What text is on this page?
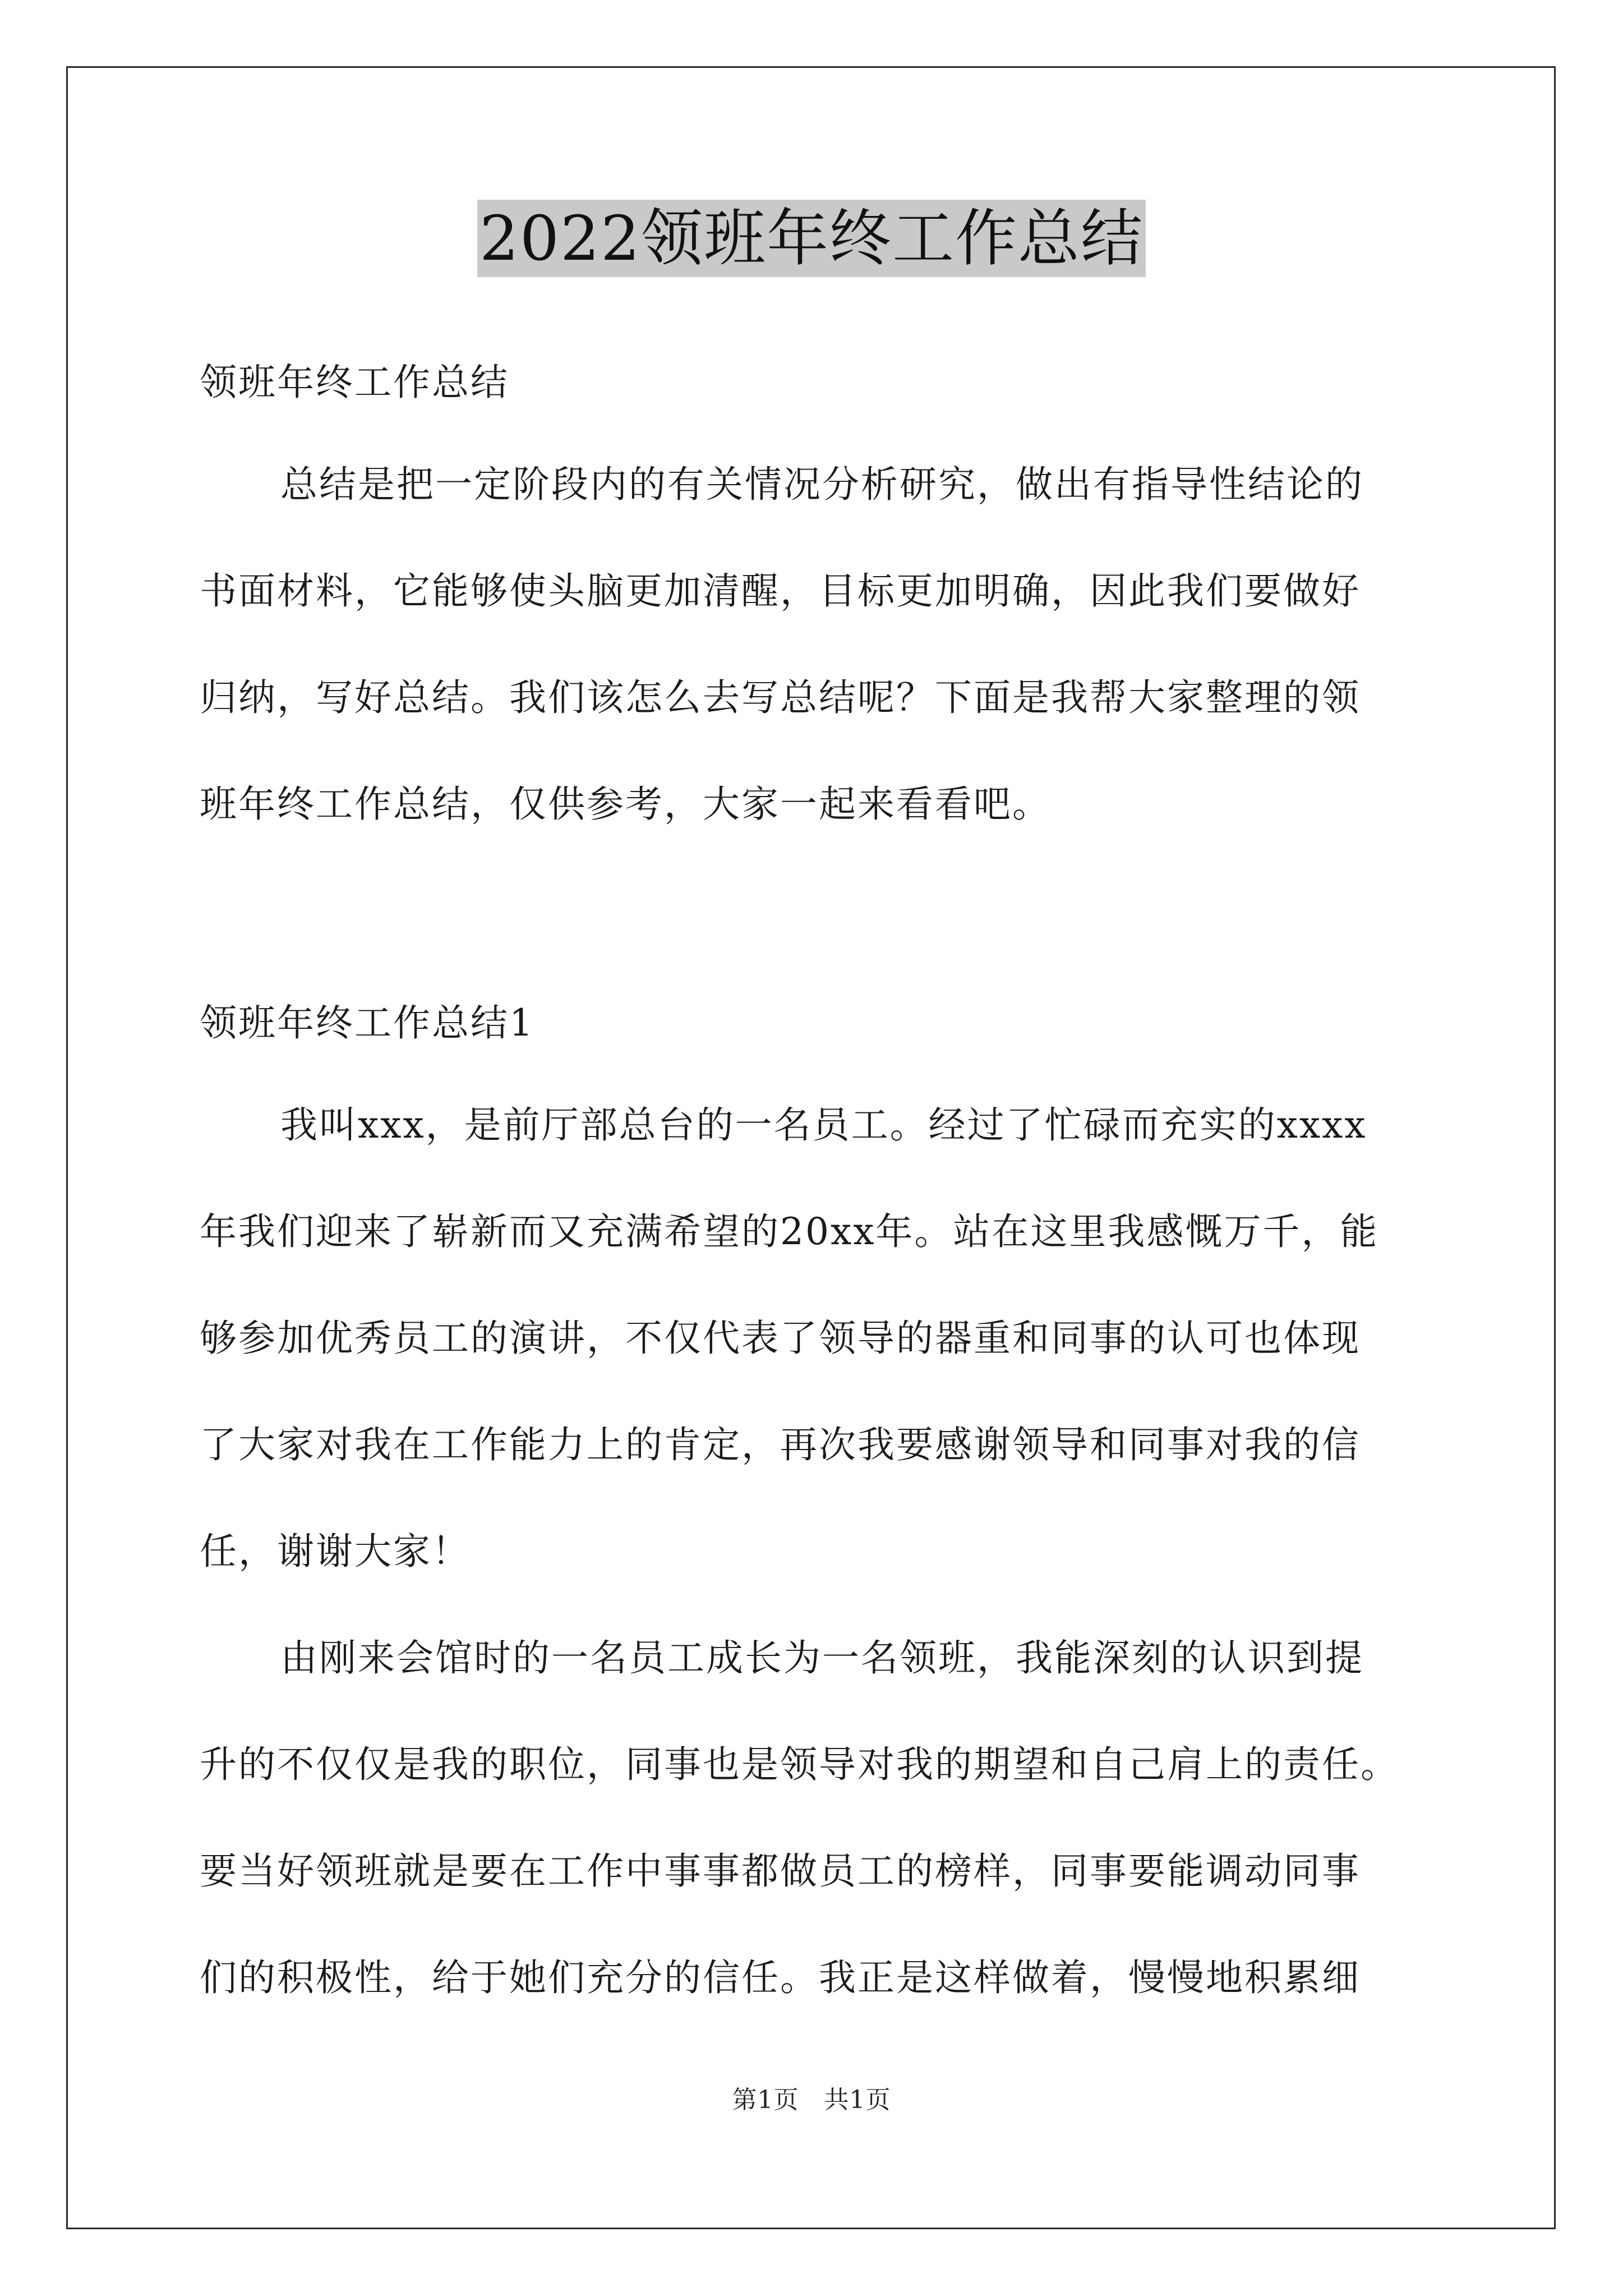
2022领班年终工作总结
领班年终工作总结
总结是把一定阶段内的有关情况分析研究，做出有指导性结论的
书面材料，它能够使头脑更加清醒，目标更加明确，因此我们要做好
归纳，写好总结。我们该怎么去写总结呢？下面是我帮大家整理的领
班年终工作总结，仅供参考，大家一起来看看吧。
领班年终工作总结1
我叫xxx，是前厅部总台的一名员工。经过了忙碌而充实的xxxx
年我们迎来了崭新而又充满希望的20xx年。站在这里我感慨万千，能
够参加优秀员工的演讲，不仅代表了领导的器重和同事的认可也体现
了大家对我在工作能力上的肯定，再次我要感谢领导和同事对我的信
任，谢谢大家！
由刚来会馆时的一名员工成长为一名领班，我能深刻的认识到提
升的不仅仅是我的职位，同事也是领导对我的期望和自己肩上的责任。
要当好领班就是要在工作中事事都做员工的榜样，同事要能调动同事
们的积极性，给于她们充分的信任。我正是这样做着，慢慢地积累细
第1页　共1页
